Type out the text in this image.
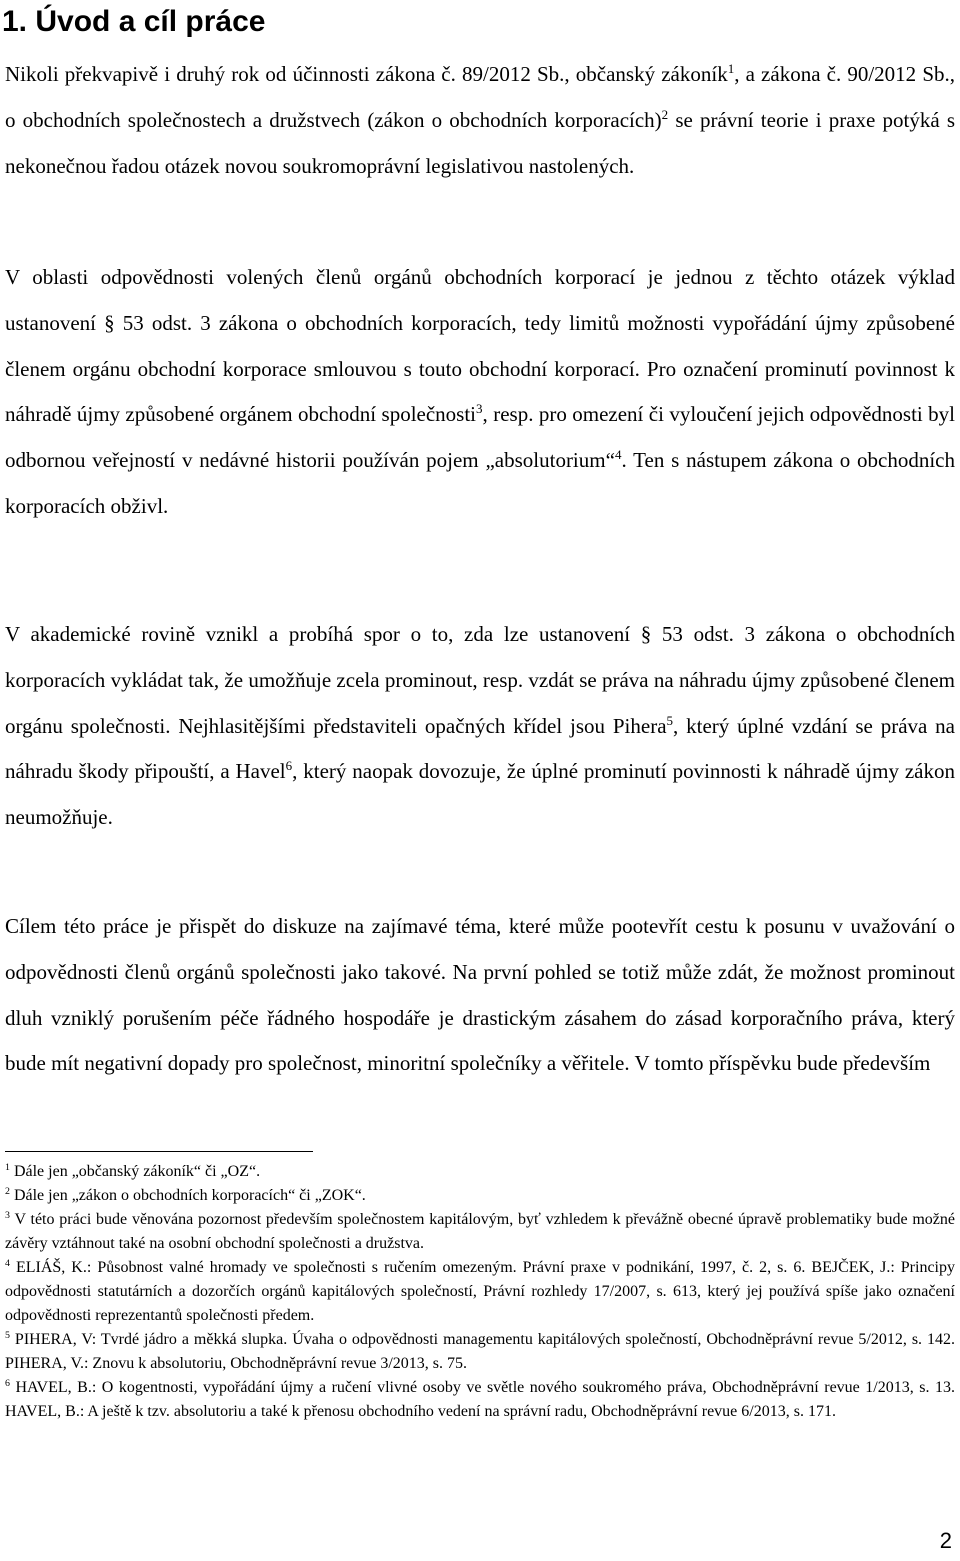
1. Úvod a cíl práce

Nikoli překvapivě i druhý rok od účinnosti zákona č. 89/2012 Sb., občanský zákoník$^1$, a zákona č. 90/2012 Sb., o obchodních společnostech a družstvech (zákon o obchodních korporacích)$^2$ se právní teorie i praxe potýká s nekonečnou řadou otázek novou soukromoprávní legislativou nastolených.

V oblasti odpovědnosti volených členů orgánů obchodních korporací je jednou z těchto otázek výklad ustanovení § 53 odst. 3 zákona o obchodních korporacích, tedy limitů možnosti vypořádání újmy způsobené členem orgánu obchodní korporace smlouvou s touto obchodní korporací. Pro označení prominutí povinnost k náhradě újmy způsobené orgánem obchodní společnosti$^3$, resp. pro omezení či vyloučení jejich odpovědnosti byl odbornou veřejností v nedávné historii používán pojem „absolutorium“$^4$. Ten s nástupem zákona o obchodních korporacích obživl.

V akademické rovině vznikl a probíhá spor o to, zda lze ustanovení § 53 odst. 3 zákona o obchodních korporacích vykládat tak, že umožňuje zcela prominout, resp. vzdát se práva na náhradu újmy způsobené členem orgánu společnosti. Nejhlasitějšími představiteli opačných křídel jsou Pihera$^5$, který úplné vzdání se práva na náhradu škody připouští, a Havel$^6$, který naopak dovozuje, že úplné prominutí povinnosti k náhradě újmy zákon neumožňuje.

Cílem této práce je přispět do diskuze na zajímavé téma, které může pootevřít cestu k posunu v uvažování o odpovědnosti členů orgánů společnosti jako takové. Na první pohled se totiž může zdát, že možnost prominout dluh vzniklý porušením péče řádného hospodáře je drastickým zásahem do zásad korporačního práva, který bude mít negativní dopady pro společnost, minoritní společníky a věřitele. V tomto příspěvku bude především

$^1$ Dále jen „občanský zákoník“ či „OZ“.

$^2$ Dále jen „zákon o obchodních korporacích“ či „ZOK“.

$^3$ V této práci bude věnována pozornost především společnostem kapitálovým, byť vzhledem k převážně obecné úpravě problematiky bude možné závěry vztáhnout také na osobní obchodní společnosti a družstva.

$^4$ ELIÁŠ, K.: Působnost valné hromady ve společnosti s ručením omezeným. Právní praxe v podnikání, 1997, č. 2, s. 6. BEJČEK, J.: Principy odpovědnosti statutárních a dozorčích orgánů kapitálových společností, Právní rozhledy 17/2007, s. 613, který jej používá spíše jako označení odpovědnosti reprezentantů společnosti předem.

$^5$ PIHERA, V: Tvrdé jádro a měkká slupka. Úvaha o odpovědnosti managementu kapitálových společností, Obchodněprávní revue 5/2012, s. 142. PIHERA, V.: Znovu k absolutoriu, Obchodněprávní revue 3/2013, s. 75.

$^6$ HAVEL, B.: O kogentnosti, vypořádání újmy a ručení vlivné osoby ve světle nového soukromého práva, Obchodněprávní revue 1/2013, s. 13. HAVEL, B.: A ještě k tzv. absolutoriu a také k přenosu obchodního vedení na správní radu, Obchodněprávní revue 6/2013, s. 171.

2
